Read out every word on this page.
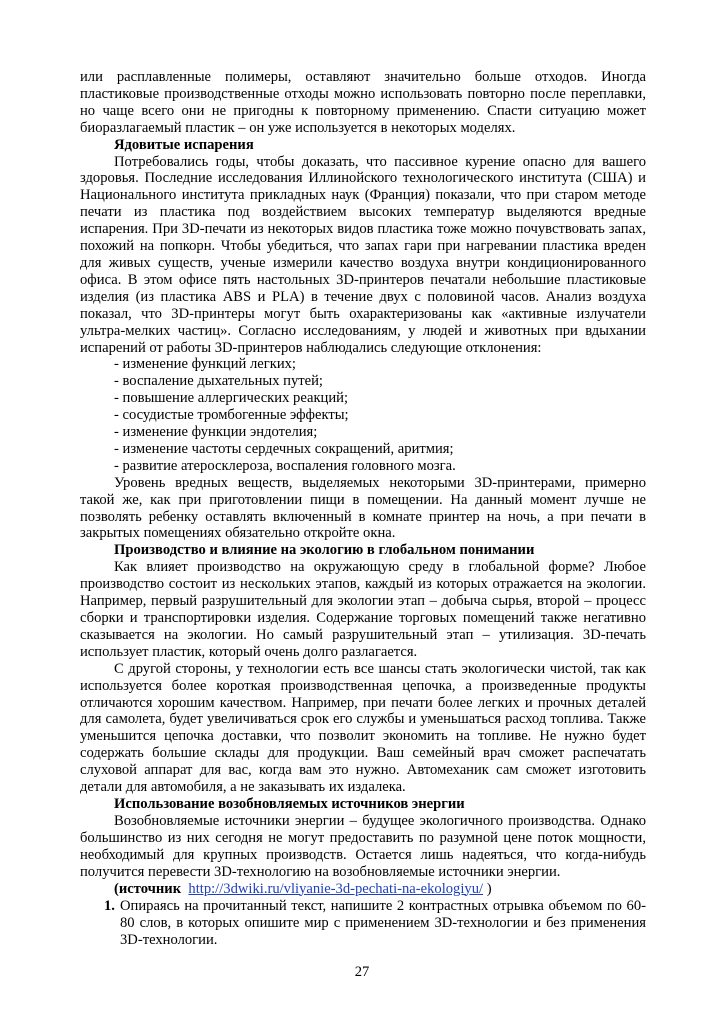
или расплавленные полимеры, оставляют значительно больше отходов. Иногда пластиковые производственные отходы можно использовать повторно после переплавки, но чаще всего они не пригодны к повторному применению. Спасти ситуацию может биоразлагаемый пластик – он уже используется в некоторых моделях.

Ядовитые испарения

Потребовались годы, чтобы доказать, что пассивное курение опасно для вашего здоровья. Последние исследования Иллинойского технологического института (США) и Национального института прикладных наук (Франция) показали, что при старом методе печати из пластика под воздействием высоких температур выделяются вредные испарения. При 3D-печати из некоторых видов пластика тоже можно почувствовать запах, похожий на попкорн. Чтобы убедиться, что запах гари при нагревании пластика вреден для живых существ, ученые измерили качество воздуха внутри кондиционированного офиса. В этом офисе пять настольных 3D-принтеров печатали небольшие пластиковые изделия (из пластика ABS и PLA) в течение двух с половиной часов. Анализ воздуха показал, что 3D-принтеры могут быть охарактеризованы как «активные излучатели ультра-мелких частиц». Согласно исследованиям, у людей и животных при вдыхании испарений от работы 3D-принтеров наблюдались следующие отклонения:

- изменение функций легких;
- воспаление дыхательных путей;
- повышение аллергических реакций;
- сосудистые тромбогенные эффекты;
- изменение функции эндотелия;
- изменение частоты сердечных сокращений, аритмия;
- развитие атеросклероза, воспаления головного мозга.

Уровень вредных веществ, выделяемых некоторыми 3D-принтерами, примерно такой же, как при приготовлении пищи в помещении. На данный момент лучше не позволять ребенку оставлять включенный в комнате принтер на ночь, а при печати в закрытых помещениях обязательно откройте окна.

Производство и влияние на экологию в глобальном понимании

Как влияет производство на окружающую среду в глобальной форме? Любое производство состоит из нескольких этапов, каждый из которых отражается на экологии. Например, первый разрушительный для экологии этап – добыча сырья, второй – процесс сборки и транспортировки изделия. Содержание торговых помещений также негативно сказывается на экологии. Но самый разрушительный этап – утилизация. 3D-печать использует пластик, который очень долго разлагается.

С другой стороны, у технологии есть все шансы стать экологически чистой, так как используется более короткая производственная цепочка, а произведенные продукты отличаются хорошим качеством. Например, при печати более легких и прочных деталей для самолета, будет увеличиваться срок его службы и уменьшаться расход топлива. Также уменьшится цепочка доставки, что позволит экономить на топливе. Не нужно будет содержать большие склады для продукции. Ваш семейный врач сможет распечатать слуховой аппарат для вас, когда вам это нужно. Автомеханик сам сможет изготовить детали для автомобиля, а не заказывать их издалека.

Использование возобновляемых источников энергии

Возобновляемые источники энергии – будущее экологичного производства. Однако большинство из них сегодня не могут предоставить по разумной цене поток мощности, необходимый для крупных производств. Остается лишь надеяться, что когда-нибудь получится перевести 3D-технологию на возобновляемые источники энергии.

(источник http://3dwiki.ru/vliyanie-3d-pechati-na-ekologiyu/ )

1. Опираясь на прочитанный текст, напишите 2 контрастных отрывка объемом по 60-80 слов, в которых опишите мир с применением 3D-технологии и без применения 3D-технологии.
27
